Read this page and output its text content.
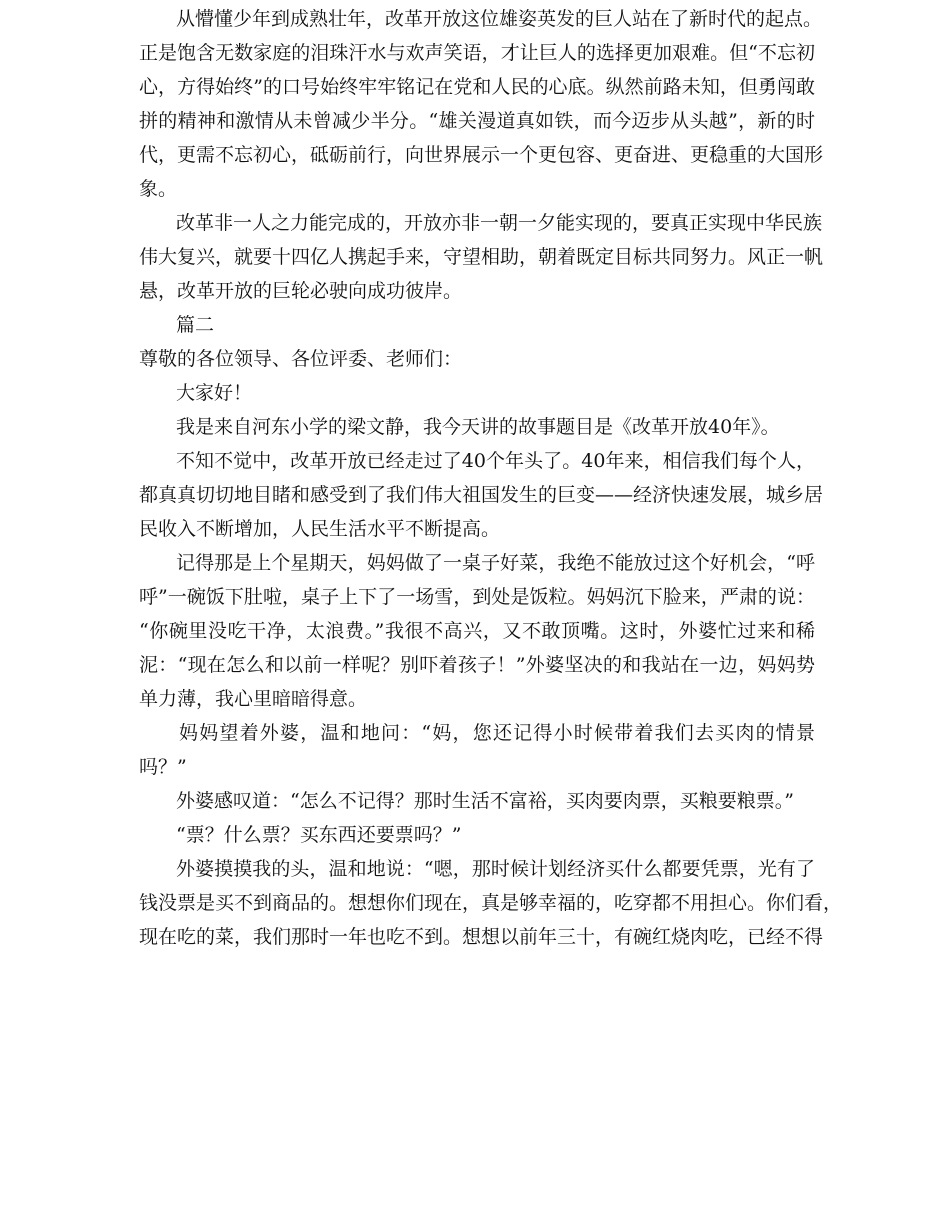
从懵懂少年到成熟壮年，改革开放这位雄姿英发的巨人站在了新时代的起点。
正是饱含无数家庭的泪珠汗水与欢声笑语，才让巨人的选择更加艰难。但“不忘初
心，方得始终”的口号始终牢牢铭记在党和人民的心底。纵然前路未知，但勇闯敢
拼的精神和激情从未曾减少半分。“雄关漫道真如铁，而今迈步从头越”，新的时
代，更需不忘初心，砥砺前行，向世界展示一个更包容、更奋进、更稳重的大国形
象。
改革非一人之力能完成的，开放亦非一朝一夕能实现的，要真正实现中华民族
伟大复兴，就要十四亿人携起手来，守望相助，朝着既定目标共同努力。风正一帆
悬，改革开放的巨轮必驶向成功彼岸。
篇二
尊敬的各位领导、各位评委、老师们：
大家好！
我是来自河东小学的梁文静，我今天讲的故事题目是《改革开放40年》。
不知不觉中，改革开放已经走过了40个年头了。40年来，相信我们每个人，
都真真切切地目睹和感受到了我们伟大祖国发生的巨变——经济快速发展，城乡居
民收入不断增加，人民生活水平不断提高。
记得那是上个星期天，妈妈做了一桌子好菜，我绝不能放过这个好机会，“呼
呼”一碗饭下肚啦，桌子上下了一场雪，到处是饭粒。妈妈沉下脸来，严肃的说：
“你碗里没吃干净，太浪费。”我很不高兴，又不敢顶嘴。这时，外婆忙过来和稀
泥：“现在怎么和以前一样呢？别吓着孩子！”外婆坚决的和我站在一边，妈妈势
单力薄，我心里暗暗得意。
妈妈望着外婆，温和地问：“妈，您还记得小时候带着我们去买肉的情景
吗？”
外婆感叹道：“怎么不记得？那时生活不富裕，买肉要肉票，买粮要粮票。”
“票？什么票？买东西还要票吗？”
外婆摸摸我的头，温和地说：“嗯，那时候计划经济买什么都要凭票，光有了
钱没票是买不到商品的。想想你们现在，真是够幸福的，吃穿都不用担心。你们看，
现在吃的菜，我们那时一年也吃不到。想想以前年三十，有碗红烧肉吃，已经不得
